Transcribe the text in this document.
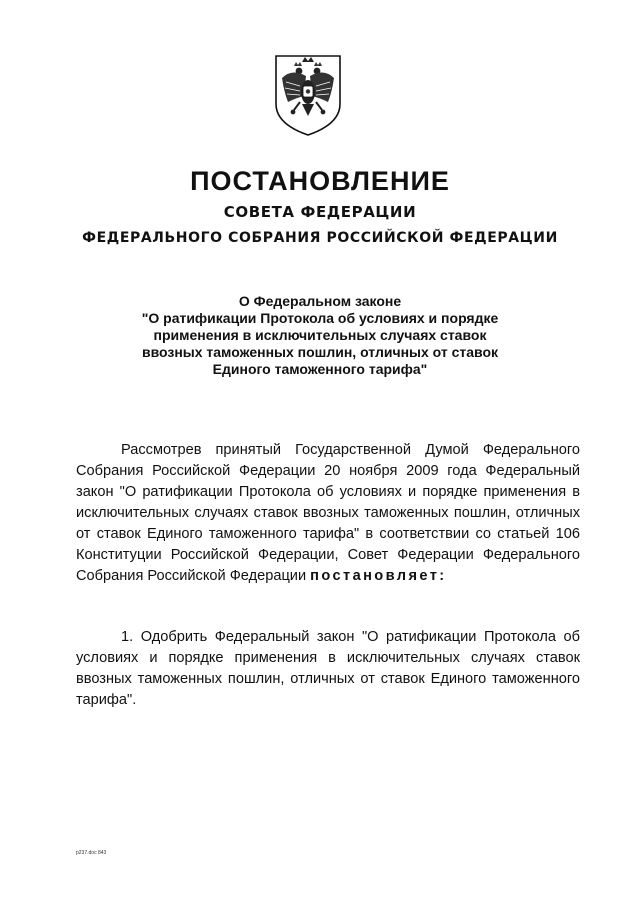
ПОСТАНОВЛЕНИЕ

СОВЕТА ФЕДЕРАЦИИ

ФЕДЕРАЛЬНОГО СОБРАНИЯ РОССИЙСКОЙ ФЕДЕРАЦИИ

О Федеральном законе
"О ратификации Протокола об условиях и порядке
применения в исключительных случаях ставок
ввозных таможенных пошлин, отличных от ставок
Единого таможенного тарифа"

Рассмотрев принятый Государственной Думой Федерального Собрания Российской Федерации 20 ноября 2009 года Федеральный закон "О ратификации Протокола об условиях и порядке применения в исключительных случаях ставок ввозных таможенных пошлин, отличных от ставок Единого таможенного тарифа" в соответствии со статьей 106 Конституции Российской Федерации, Совет Федерации Федерального Собрания Российской Федерации постановляет:

1. Одобрить Федеральный закон "О ратификации Протокола об условиях и порядке применения в исключительных случаях ставок ввозных таможенных пошлин, отличных от ставок Единого таможенного тарифа".

p237.doc 843
